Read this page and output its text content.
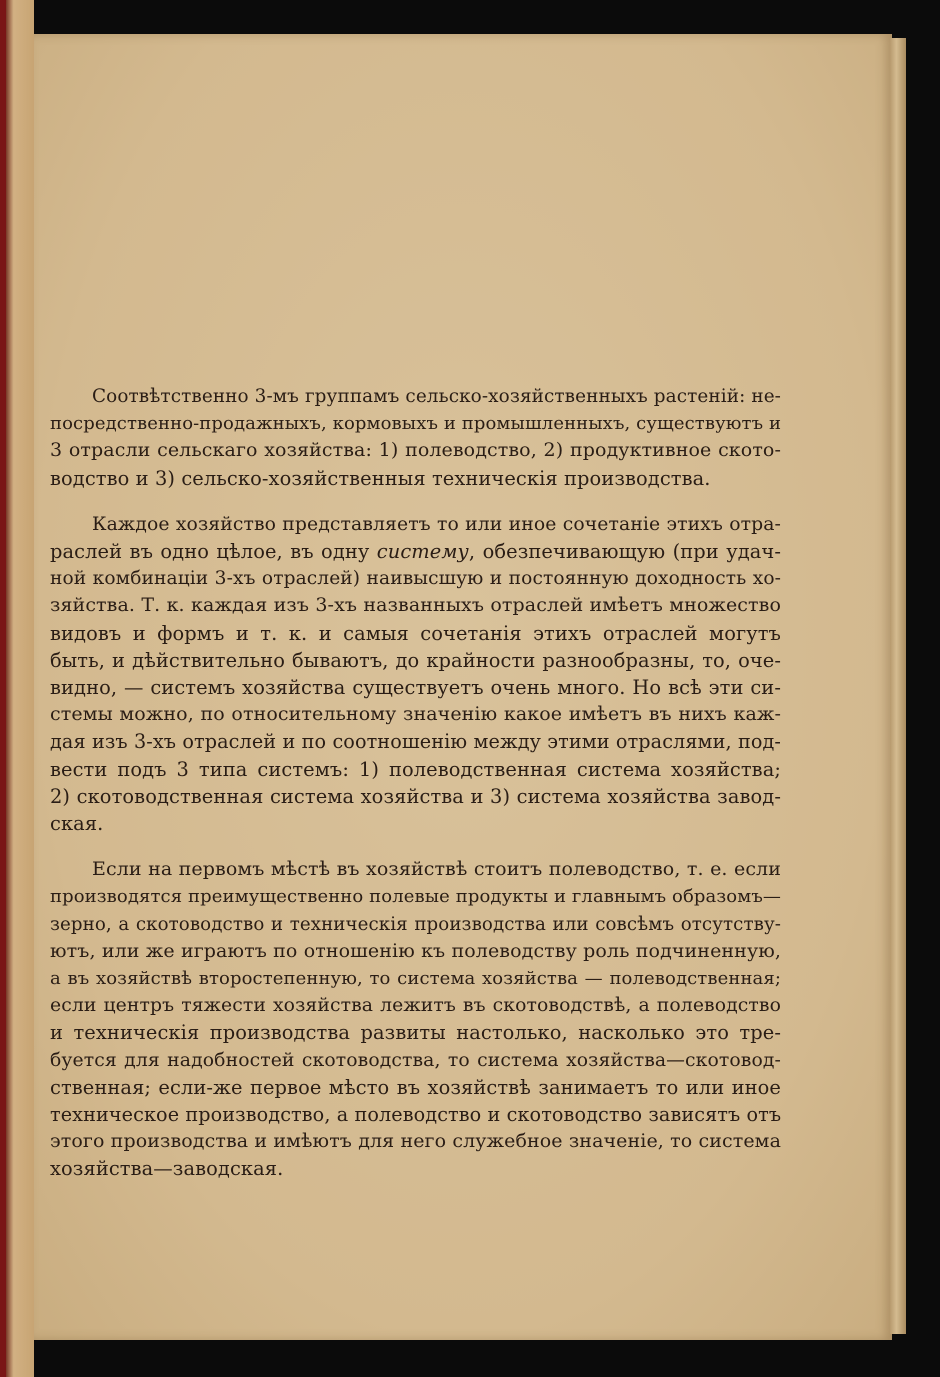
Соотвѣтственно 3-мъ группамъ сельско-хозяйственныхъ растеній: не-
посредственно-продажныхъ, кормовыхъ и промышленныхъ, существуютъ и
3 отрасли сельскаго хозяйства: 1) полеводство, 2) продуктивное ското-
водство и 3) сельско-хозяйственныя техническія производства.

Каждое хозяйство представляетъ то или иное сочетаніе этихъ отра-
раслей въ одно цѣлое, въ одну систему, обезпечивающую (при удач-
ной комбинаціи 3-хъ отраслей) наивысшую и постоянную доходность хо-
зяйства. Т. к. каждая изъ 3-хъ названныхъ отраслей имѣетъ множество
видовъ и формъ и т. к. и самыя сочетанія этихъ отраслей могутъ
быть, и дѣйствительно бываютъ, до крайности разнообразны, то, оче-
видно, — системъ хозяйства существуетъ очень много. Но всѣ эти си-
стемы можно, по относительному значенію какое имѣетъ въ нихъ каж-
дая изъ 3-хъ отраслей и по соотношенію между этими отраслями, под-
вести подъ 3 типа системъ: 1) полеводственная система хозяйства;
2) скотоводственная система хозяйства и 3) система хозяйства завод-
ская.

Если на первомъ мѣстѣ въ хозяйствѣ стоитъ полеводство, т. е. если
производятся преимущественно полевые продукты и главнымъ образомъ—
зерно, а скотоводство и техническія производства или совсѣмъ отсутству-
ютъ, или же играютъ по отношенію къ полеводству роль подчиненную,
а въ хозяйствѣ второстепенную, то система хозяйства — полеводственная;
если центръ тяжести хозяйства лежитъ въ скотоводствѣ, а полеводство
и техническія производства развиты настолько, насколько это тре-
буется для надобностей скотоводства, то система хозяйства—скотовод-
ственная; если-же первое мѣсто въ хозяйствѣ занимаетъ то или иное
техническое производство, а полеводство и скотоводство зависятъ отъ
этого производства и имѣютъ для него служебное значеніе, то система
хозяйства—заводская.
